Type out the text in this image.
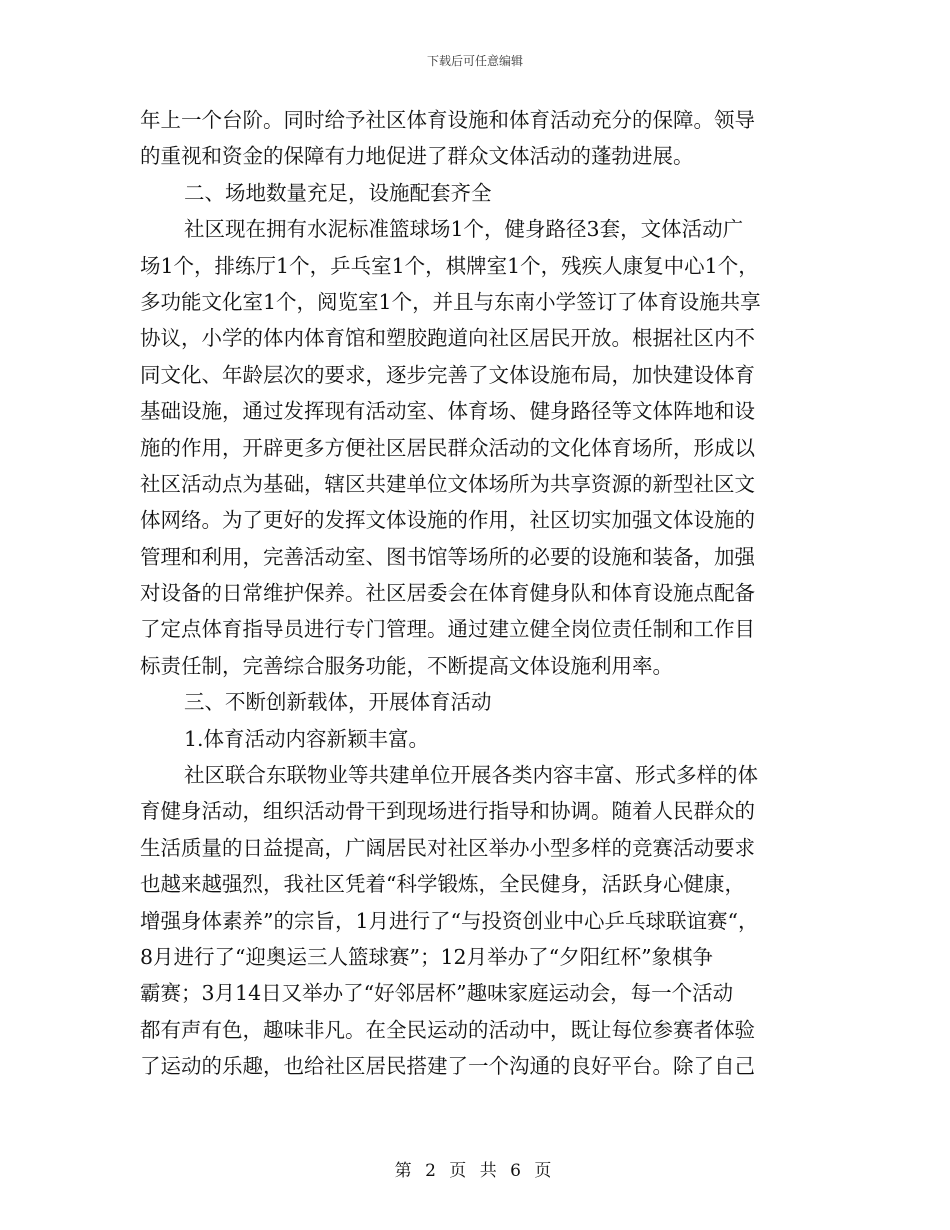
下载后可任意编辑
年上一个台阶。同时给予社区体育设施和体育活动充分的保障。领导
的重视和资金的保障有力地促进了群众文体活动的蓬勃进展。
二、场地数量充足，设施配套齐全
社区现在拥有水泥标准篮球场1个，健身路径3套，文体活动广
场1个，排练厅1个，乒乓室1个，棋牌室1个，残疾人康复中心1个，
多功能文化室1个，阅览室1个，并且与东南小学签订了体育设施共享
协议，小学的体内体育馆和塑胶跑道向社区居民开放。根据社区内不
同文化、年龄层次的要求，逐步完善了文体设施布局，加快建设体育
基础设施，通过发挥现有活动室、体育场、健身路径等文体阵地和设
施的作用，开辟更多方便社区居民群众活动的文化体育场所，形成以
社区活动点为基础，辖区共建单位文体场所为共享资源的新型社区文
体网络。为了更好的发挥文体设施的作用，社区切实加强文体设施的
管理和利用，完善活动室、图书馆等场所的必要的设施和装备，加强
对设备的日常维护保养。社区居委会在体育健身队和体育设施点配备
了定点体育指导员进行专门管理。通过建立健全岗位责任制和工作目
标责任制，完善综合服务功能，不断提高文体设施利用率。
三、不断创新载体，开展体育活动
1.体育活动内容新颖丰富。
社区联合东联物业等共建单位开展各类内容丰富、形式多样的体
育健身活动，组织活动骨干到现场进行指导和协调。随着人民群众的
生活质量的日益提高，广阔居民对社区举办小型多样的竞赛活动要求
也越来越强烈，我社区凭着“科学锻炼，全民健身，活跃身心健康，
增强身体素养”的宗旨，1月进行了“与投资创业中心乒乓球联谊赛“，
8月进行了“迎奥运三人篮球赛”；12月举办了“夕阳红杯”象棋争
霸赛；3月14日又举办了“好邻居杯”趣味家庭运动会，每一个活动
都有声有色，趣味非凡。在全民运动的活动中，既让每位参赛者体验
了运动的乐趣，也给社区居民搭建了一个沟通的良好平台。除了自己
第 2 页 共 6 页
